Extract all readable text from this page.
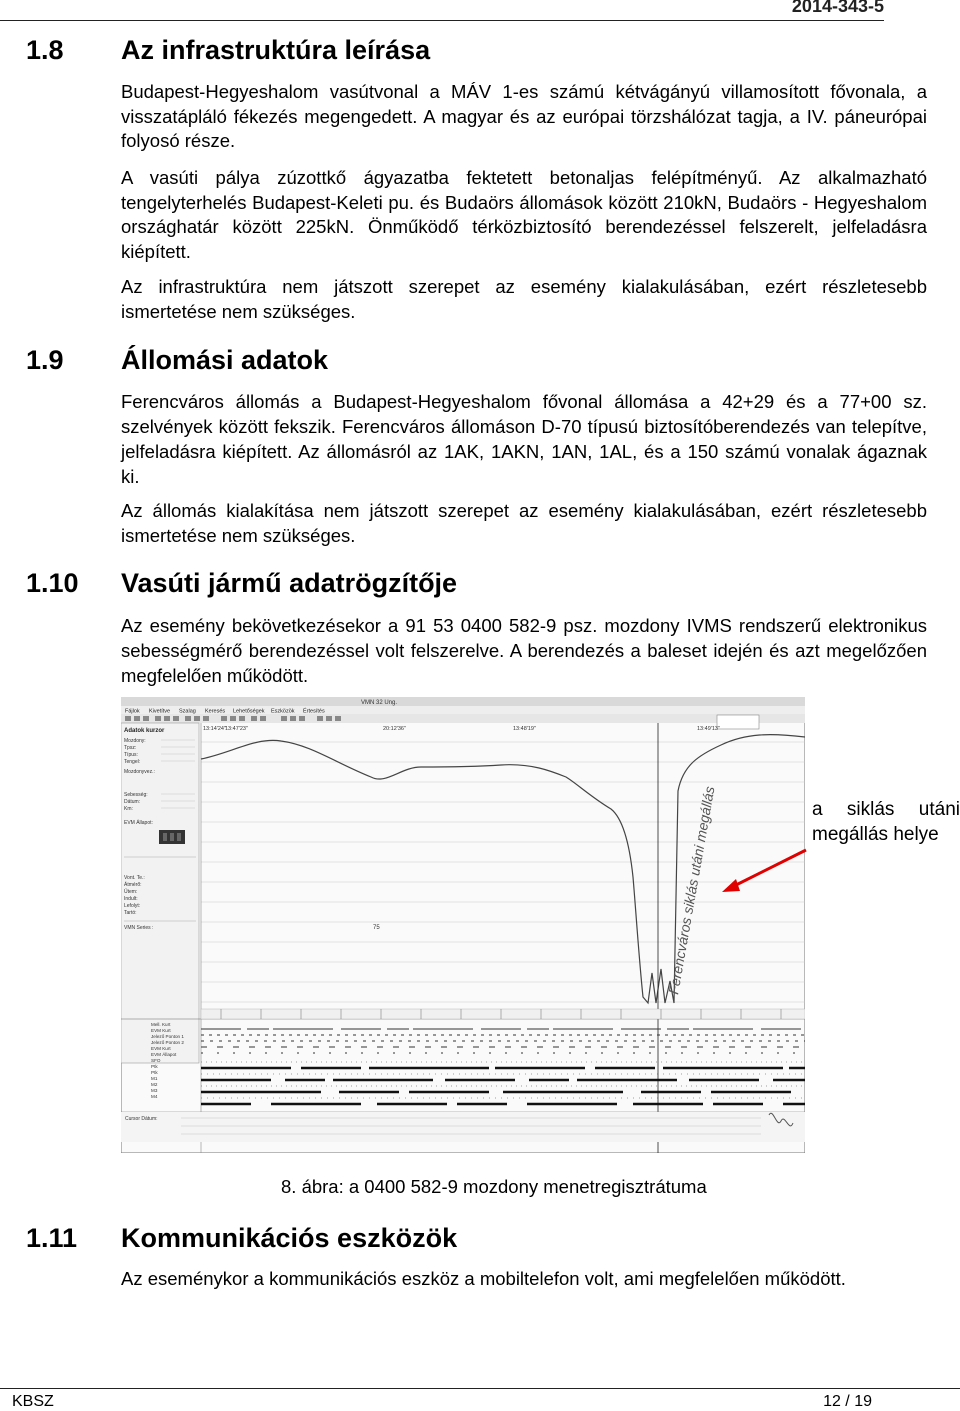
2014-343-5
1.8 Az infrastruktúra leírása

Budapest-Hegyeshalom vasútvonal a MÁV 1-es számú kétvágányú villamosított fővonala, a visszatápláló fékezés megengedett. A magyar és az európai törzshálózat tagja, a IV. páneurópai folyosó része.

A vasúti pálya zúzottkő ágyazatba fektetett betonaljas felépítményű. Az alkalmazható tengelyterhelés Budapest-Keleti pu. és Budaörs állomások között 210kN, Budaörs - Hegyeshalom országhatár között 225kN. Önműködő térközbiztosító berendezéssel felszerelt, jelfeladásra kiépített.

Az infrastruktúra nem játszott szerepet az esemény kialakulásában, ezért részletesebb ismertetése nem szükséges.

1.9 Állomási adatok

Ferencváros állomás a Budapest-Hegyeshalom fővonal állomása a 42+29 és a 77+00 sz. szelvények között fekszik. Ferencváros állomáson D-70 típusú biztosítóberendezés van telepítve, jelfeladásra kiépített. Az állomásról az 1AK, 1AKN, 1AN, 1AL, és a 150 számú vonalak ágaznak ki.

Az állomás kialakítása nem játszott szerepet az esemény kialakulásában, ezért részletesebb ismertetése nem szükséges.

1.10 Vasúti jármű adatrögzítője

Az esemény bekövetkezésekor a 91 53 0400 582-9 psz. mozdony IVMS rendszerű elektronikus sebességmérő berendezéssel volt felszerelve. A berendezés a baleset idején és azt megelőzően megfelelően működött.

VMN 32 Ung.
Fájlok Kivetítve Szalag Keresés Lehetőségek Eszközök Értesítés
Adatok kurzor
Mozdony:
Tpsz:
Típus:
Tengel:
Mozdonyvez.:
Sebesség:
Dátum:
Km:
EVM Állapot:
Vont. Te.:
Átmérő:
Ütem:
Indult:
Lefolyt:
Tartó:
VMN Series :
Mell. Kurt
EVM Kurt
Jelező Ponton 1
Jelező Ponton 2
EVM Kurt
EVM Állapot
SFO
Ptk
Ptk
M1
M2
M3
M4
13:14'24" 13:47'23"	20:12'36"	13:48'19"	13:49'13"
75	Ferencváros siklás utáni megállás
Cursor Dátum:
a siklás utáni
megállás helye
8. ábra: a 0400 582-9 mozdony menetregisztrátuma
1.11 Kommunikációs eszközök

Az eseménykor a kommunikációs eszköz a mobiltelefon volt, ami megfelelően működött.

KBSZ	12 / 19
